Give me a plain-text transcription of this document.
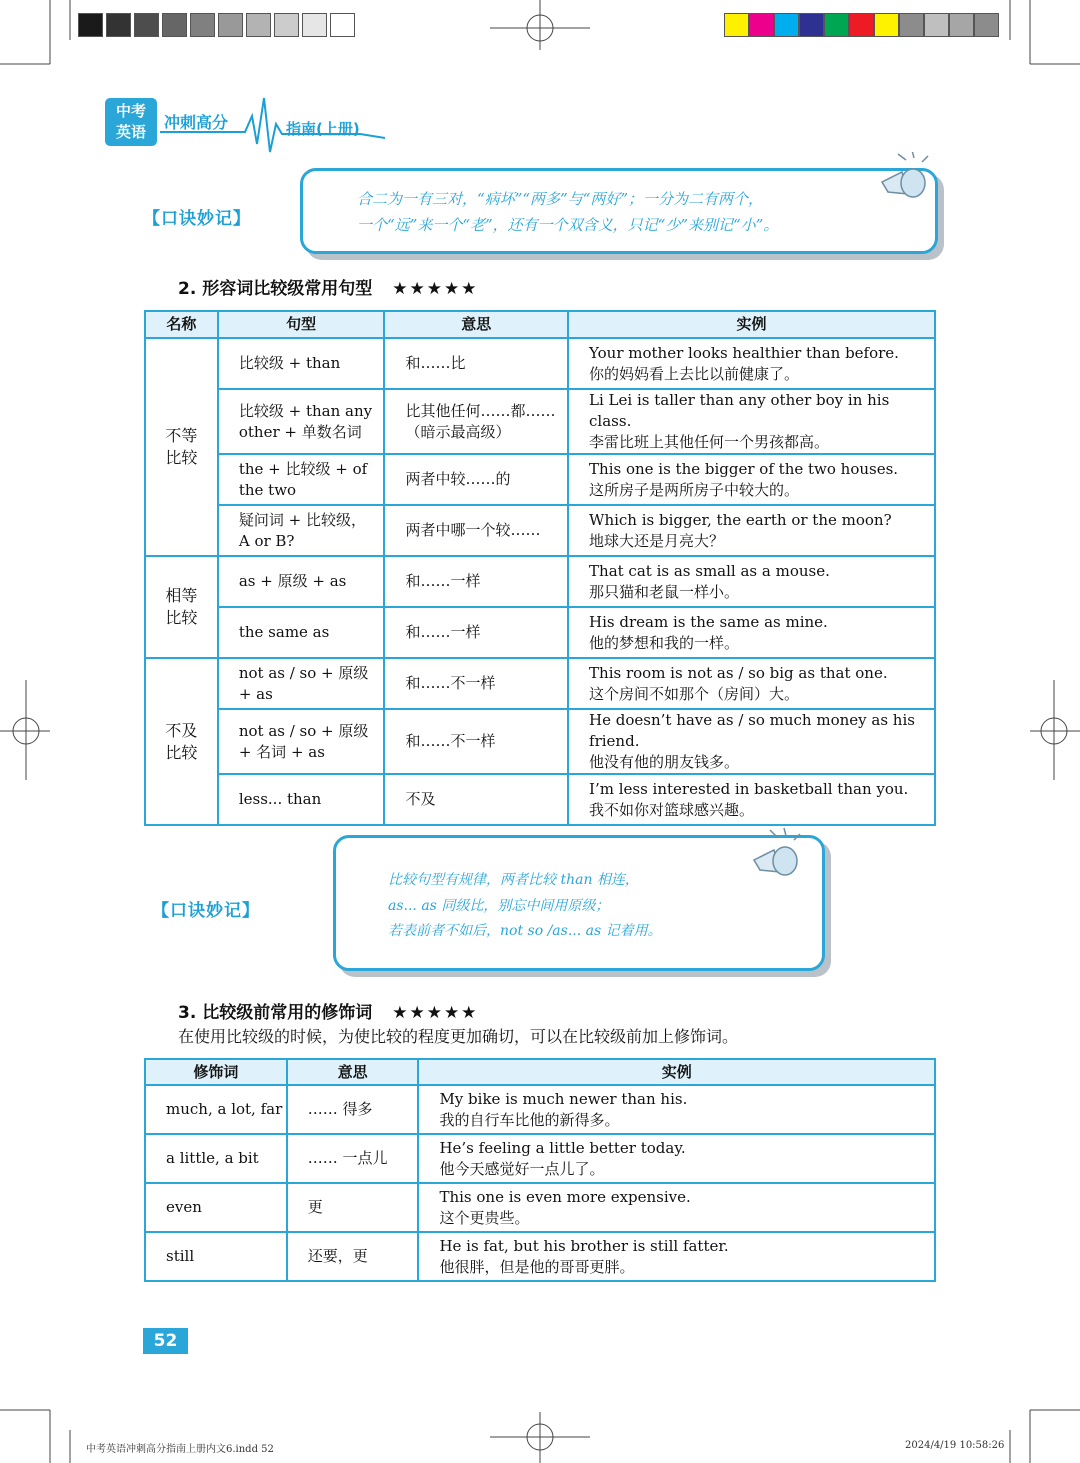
中考
英语	冲刺高分	指南(上册)
【口诀妙记】
合二为一有三对，“病坏”“两多”与“两好”；一分为二有两个，
一个“远”来一个“老”，还有一个双含义，只记“少”来别记“小”。
2. 形容词比较级常用句型 ★★★★★
名称	句型	意思	实例
不等比较	比较级 + than	和……比	Your mother looks healthier than before.
你的妈妈看上去比以前健康了。

	比较级 + than any other + 单数名词	比其他任何……都……（暗示最高级）	Li Lei is taller than any other boy in his class.
李雷比班上其他任何一个男孩都高。

	the + 比较级 + of the two	两者中较……的	This one is the bigger of the two houses.
这所房子是两所房子中较大的。

	疑问词 + 比较级，A or B?	两者中哪一个较……	Which is bigger, the earth or the moon?
地球大还是月亮大？

相等比较	as + 原级 + as	和……一样	That cat is as small as a mouse.
那只猫和老鼠一样小。

	the same as	和……一样	His dream is the same as mine.
他的梦想和我的一样。

不及比较	not as / so + 原级 + as	和……不一样	This room is not as / so big as that one.
这个房间不如那个（房间）大。

	not as / so + 原级 + 名词 + as	和……不一样	He doesn’t have as / so much money as his friend.
他没有他的朋友钱多。

	less... than	不及	I’m less interested in basketball than you.
我不如你对篮球感兴趣。
【口诀妙记】
比较句型有规律，两者比较 than 相连，
as... as 同级比，别忘中间用原级；
若表前者不如后，not so /as... as 记着用。
3. 比较级前常用的修饰词 ★★★★★
在使用比较级的时候，为使比较的程度更加确切，可以在比较级前加上修饰词。
修饰词	意思	实例
much, a lot, far	…… 得多	My bike is much newer than his.
我的自行车比他的新得多。

a little, a bit	…… 一点儿	He’s feeling a little better today.
他今天感觉好一点儿了。

even	更	This one is even more expensive.
这个更贵些。

still	还要，更	He is fat, but his brother is still fatter.
他很胖，但是他的哥哥更胖。
52
中考英语冲刺高分指南上册内文6.indd 52	2024/4/19 10:58:26
